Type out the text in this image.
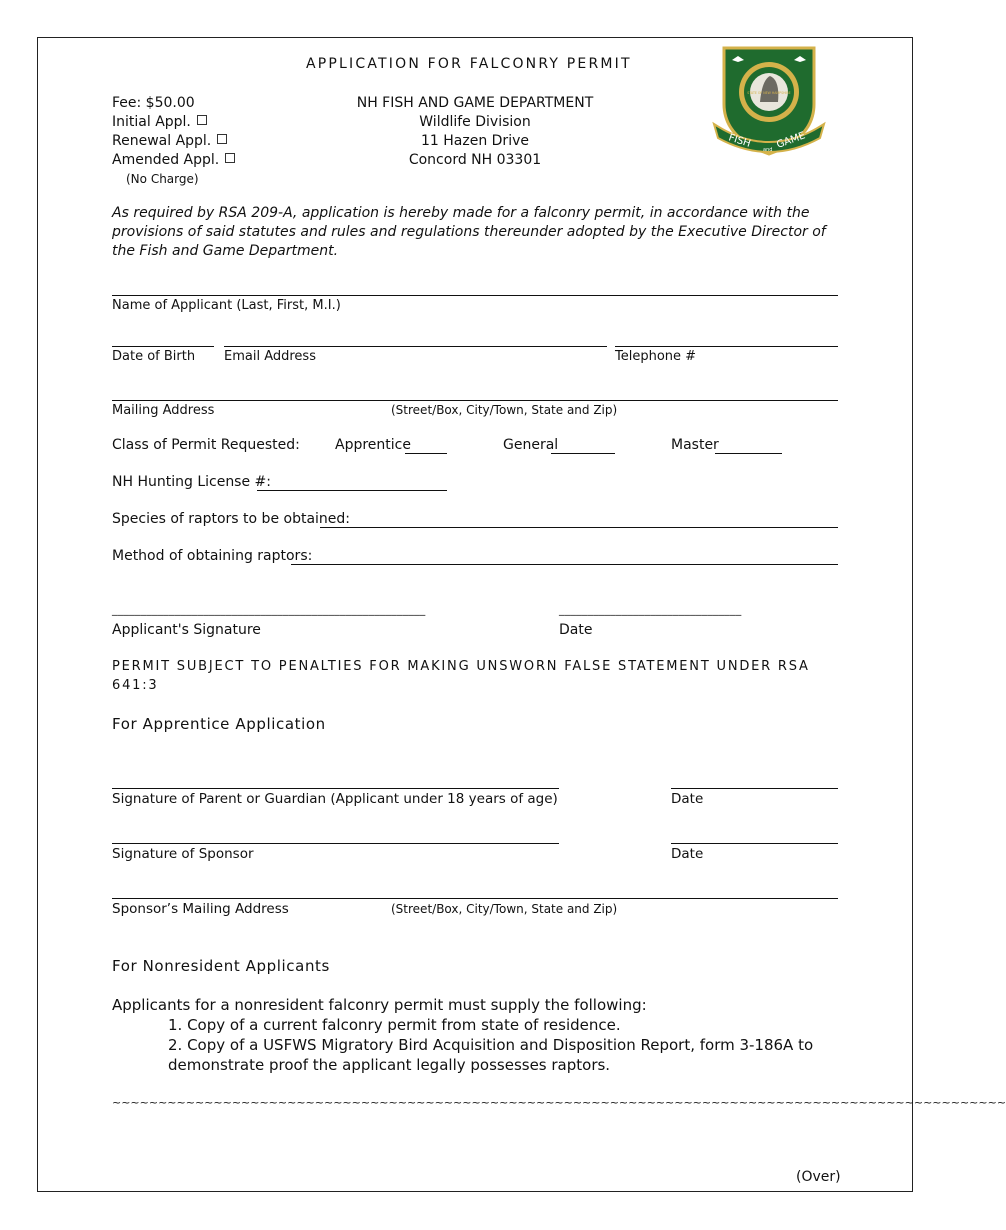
APPLICATION FOR FALCONRY PERMIT
Fee: $50.00
Initial Appl.
Renewal Appl.
Amended Appl.
(No Charge)
NH FISH AND GAME DEPARTMENT
Wildlife Division
11 Hazen Drive
Concord NH 03301
FISH
and GAME
STATE OF NEW HAMPSHIRE
As required by RSA 209-A, application is hereby made for a falconry permit, in accordance with the provisions of said statutes and rules and regulations thereunder adopted by the Executive Director of the Fish and Game Department.
Name of Applicant (Last, First, M.I.)
Date of Birth Email Address	Telephone #
Mailing Address	(Street/Box, City/Town, State and Zip)
Class of Permit Requested:	Apprentice	General	Master
NH Hunting License #:
Species of raptors to be obtained:
Method of obtaining raptors:
_______________________________________________________	________________________________
Applicant's Signature	Date
PERMIT SUBJECT TO PENALTIES FOR MAKING UNSWORN FALSE STATEMENT UNDER RSA
641:3
For Apprentice Application
Signature of Parent or Guardian (Applicant under 18 years of age)	Date
Signature of Sponsor	Date
Sponsor’s Mailing Address	(Street/Box, City/Town, State and Zip)
For Nonresident Applicants
Applicants for a nonresident falconry permit must supply the following:
1. Copy of a current falconry permit from state of residence.
2. Copy of a USFWS Migratory Bird Acquisition and Disposition Report, form 3-186A to
demonstrate proof the applicant legally possesses raptors.
~~~~~~~~~~~~~~~~~~~~~~~~~~~~~~~~~~~~~~~~~~~~~~~~~~~~~~~~~~~~~~~~~~~~~~~~~~~~~~~~~~~~~~~~~~~~~~~~~
(Over)
